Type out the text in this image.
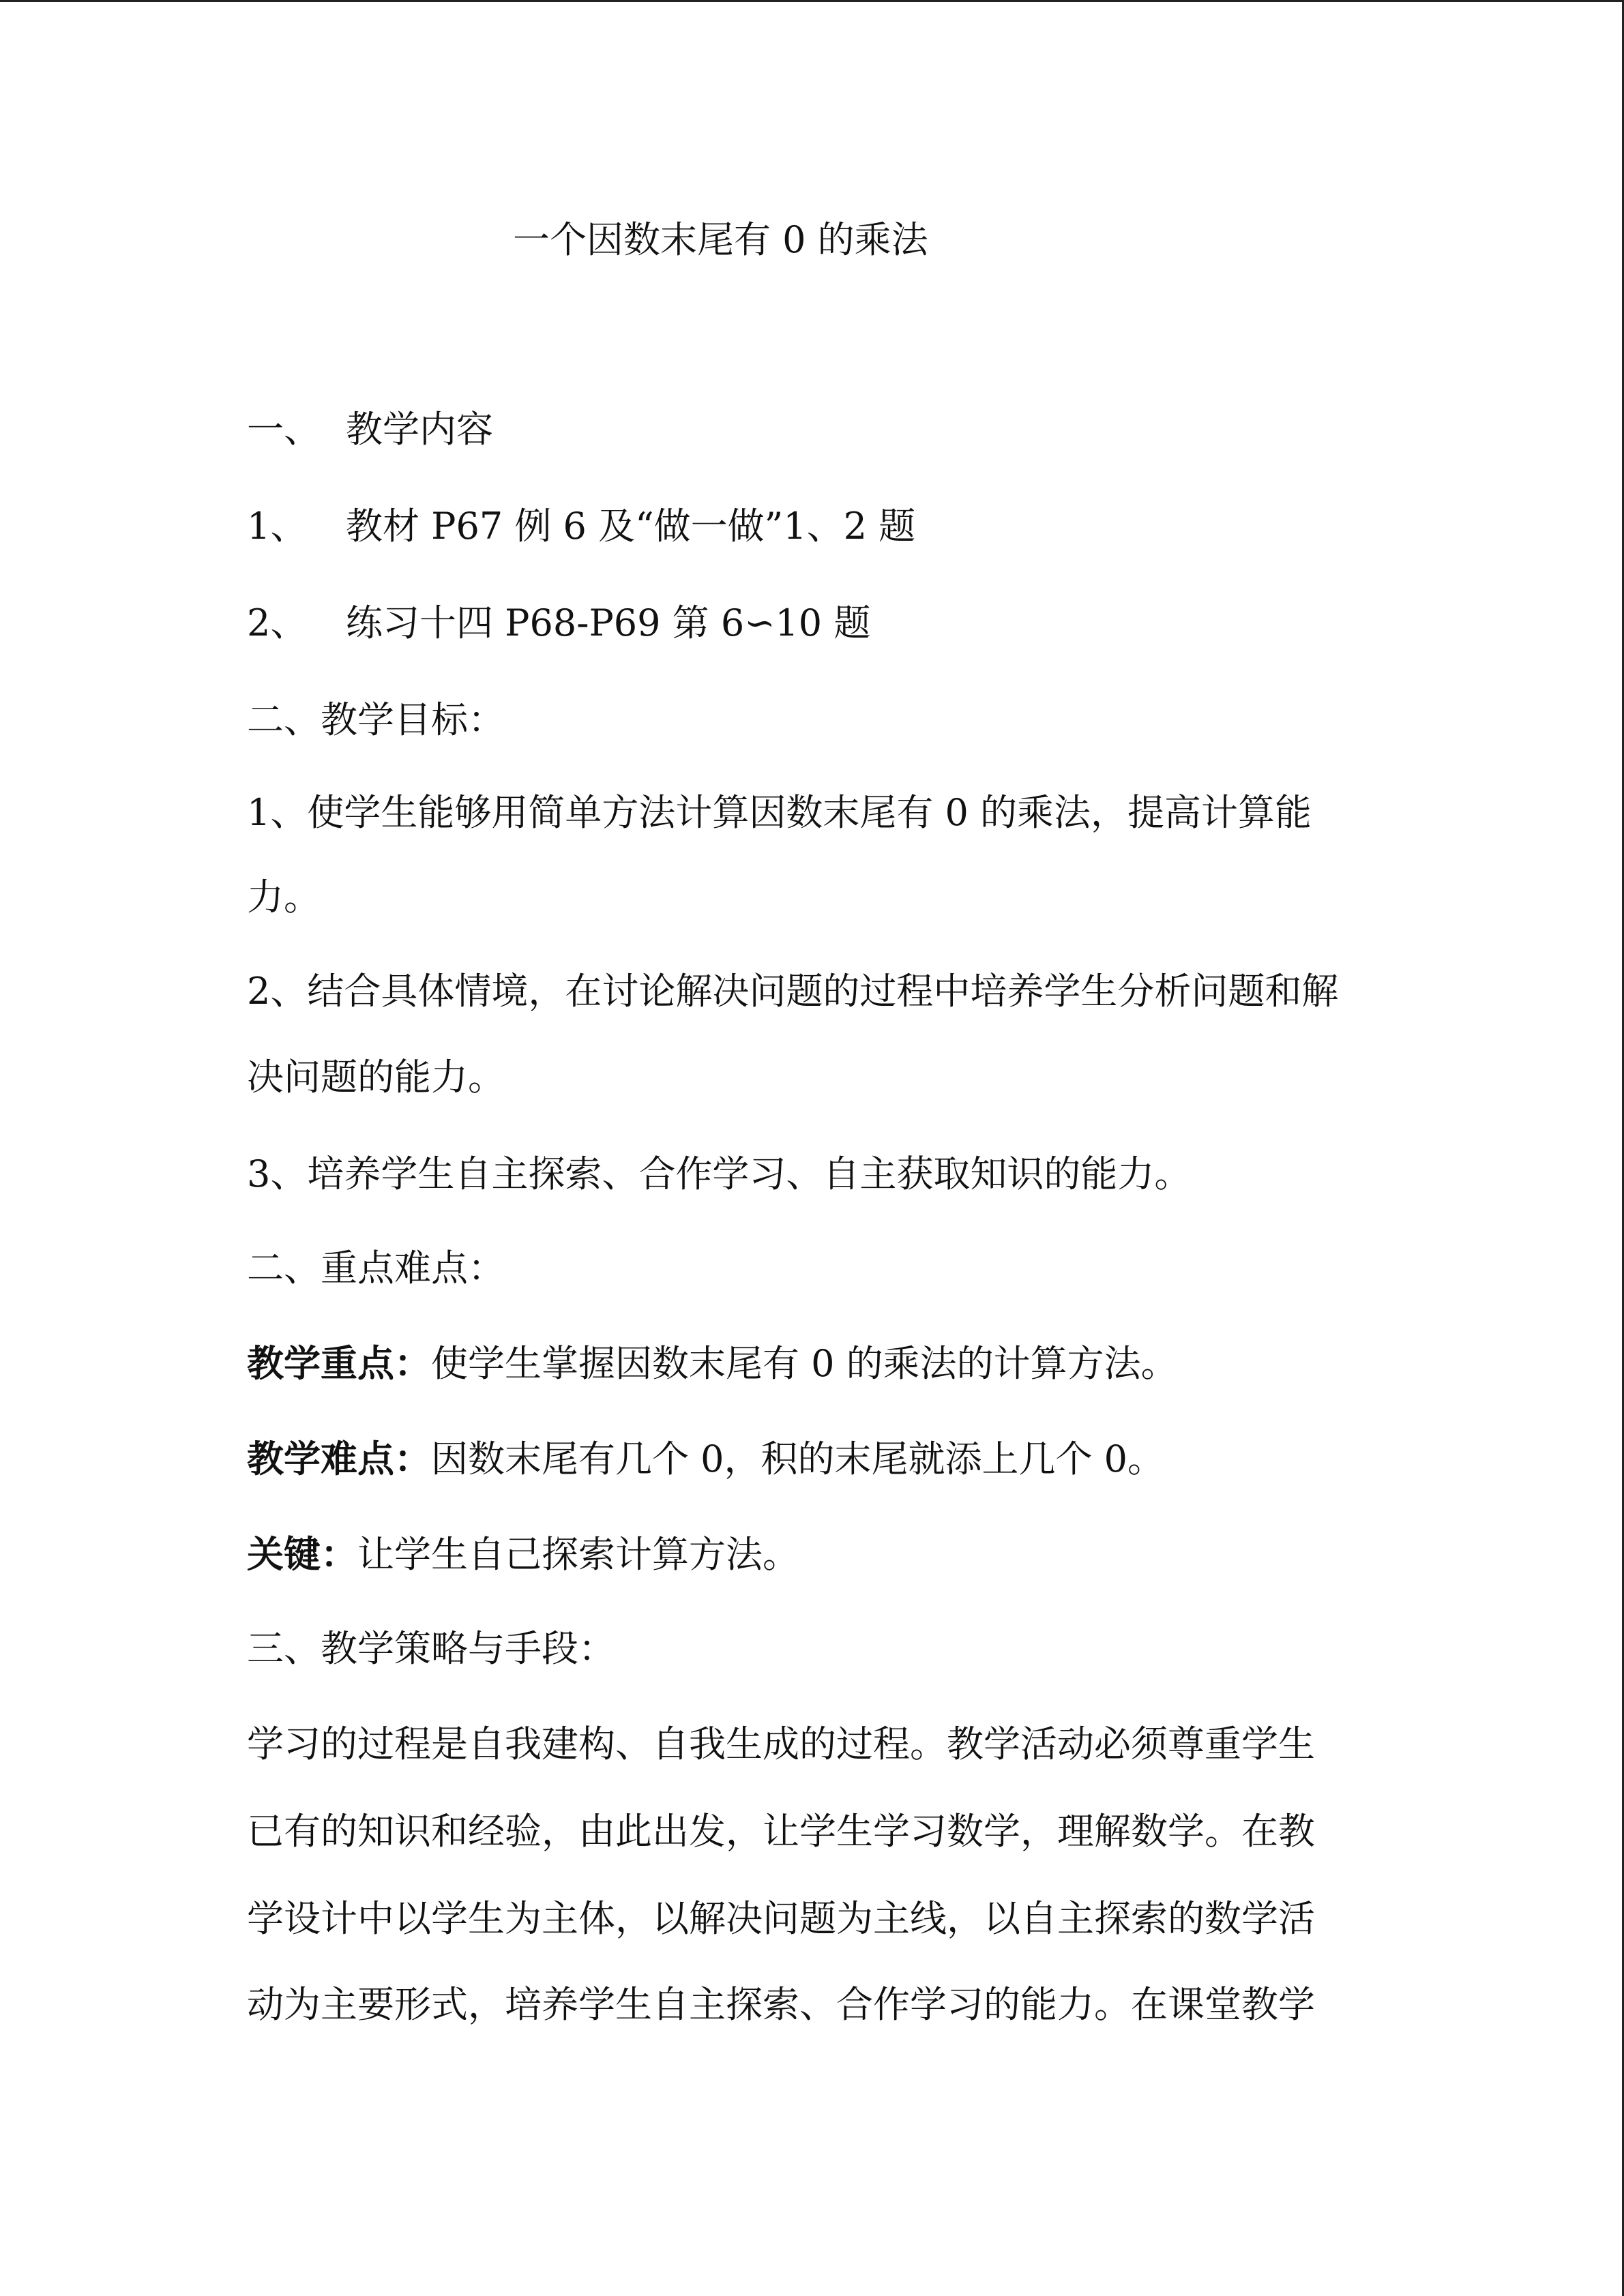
一个因数末尾有 0 的乘法
一、 教学内容
1、 教材 P67 例 6 及“做一做”1、2 题
2、 练习十四 P68-P69 第 6∽10 题
二、教学目标：
1、使学生能够用简单方法计算因数末尾有 0 的乘法，提高计算能
力。
2、结合具体情境，在讨论解决问题的过程中培养学生分析问题和解
决问题的能力。
3、培养学生自主探索、合作学习、自主获取知识的能力。
二、重点难点：
教学重点：使学生掌握因数末尾有 0 的乘法的计算方法。
教学难点：因数末尾有几个 0，积的末尾就添上几个 0。
关键：让学生自己探索计算方法。
三、教学策略与手段：
学习的过程是自我建构、自我生成的过程。教学活动必须尊重学生
已有的知识和经验，由此出发，让学生学习数学，理解数学。在教
学设计中以学生为主体，以解决问题为主线，以自主探索的数学活
动为主要形式，培养学生自主探索、合作学习的能力。在课堂教学
